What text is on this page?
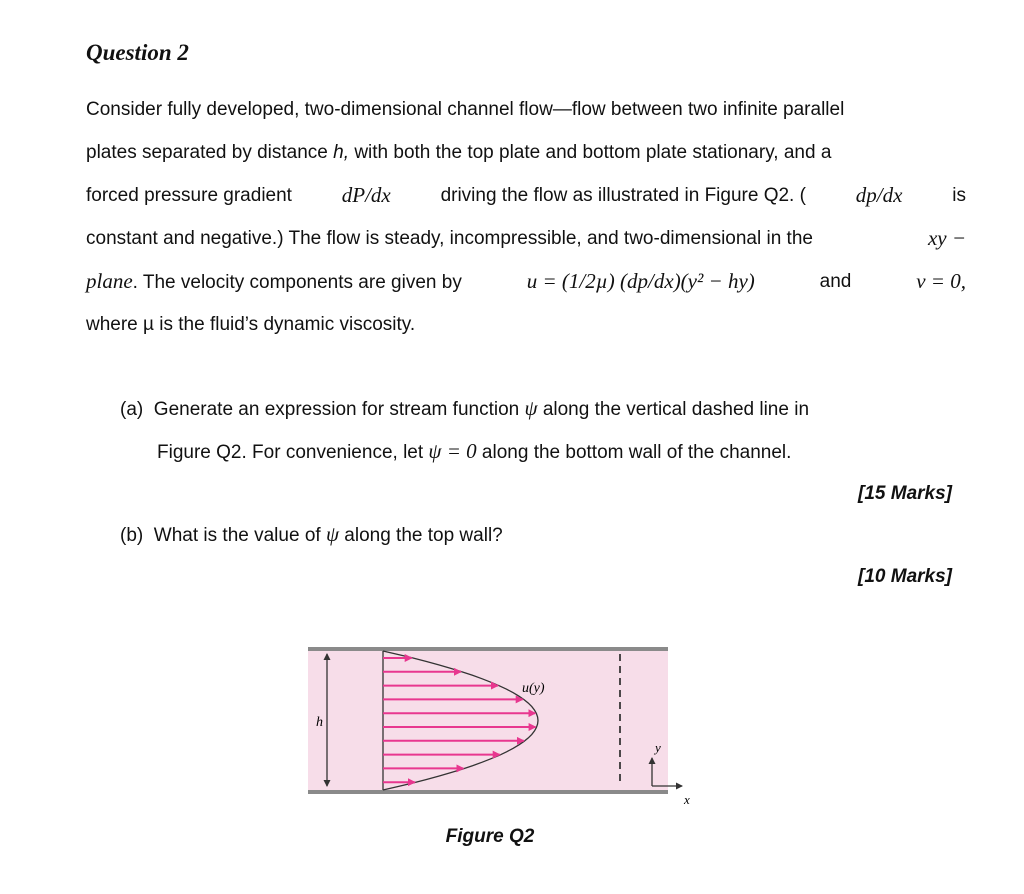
Question 2
Consider fully developed, two-dimensional channel flow—flow between two infinite parallel
plates separated by distance h, with both the top plate and bottom plate stationary, and a
forced pressure gradient dP/dx	driving the flow as illustrated in Figure Q2. ( dp/dx	is
constant and negative.) The flow is steady, incompressible, and two-dimensional in the	xy −
plane. The velocity components are given by	u = (1/2µ) (dp/dx)(y² − hy)	and	v = 0,
where µ is the fluid’s dynamic viscosity.
(a) Generate an expression for stream function ψ along the vertical dashed line in
Figure Q2. For convenience, let ψ = 0 along the bottom wall of the channel.
[15 Marks]
(b) What is the value of ψ along the top wall?
[10 Marks]
h
u(y)
y
x
Figure Q2
